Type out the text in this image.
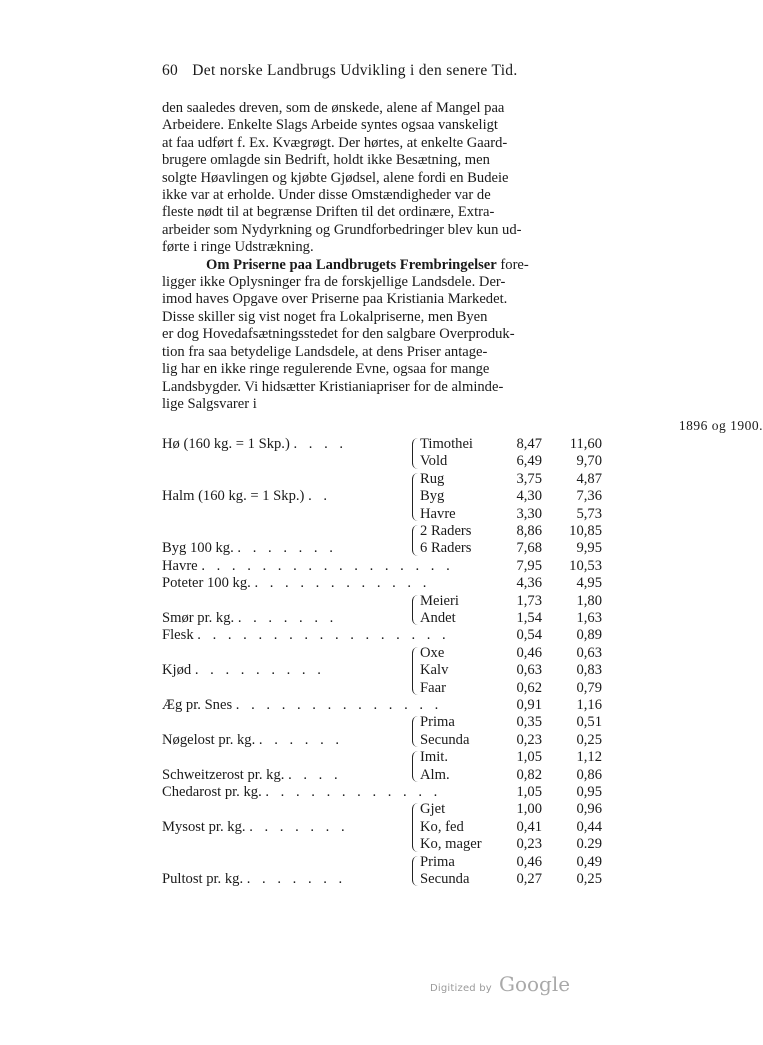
60 Det norske Landbrugs Udvikling i den senere Tid.
den saaledes dreven, som de ønskede, alene af Mangel paa
Arbeidere. Enkelte Slags Arbeide syntes ogsaa vanskeligt
at faa udført f. Ex. Kvægrøgt. Der hørtes, at enkelte Gaard-
brugere omlagde sin Bedrift, holdt ikke Besætning, men
solgte Høavlingen og kjøbte Gjødsel, alene fordi en Budeie
ikke var at erholde. Under disse Omstændigheder var de
fleste nødt til at begrænse Driften til det ordinære, Extra-
arbeider som Nydyrkning og Grundforbedringer blev kun ud-
førte i ringe Udstrækning.
Om Priserne paa Landbrugets Frembringelser fore-
ligger ikke Oplysninger fra de forskjellige Landsdele. Der-
imod haves Opgave over Priserne paa Kristiania Markedet.
Disse skiller sig vist noget fra Lokalpriserne, men Byen
er dog Hovedafsætningsstedet for den salgbare Overproduk-
tion fra saa betydelige Landsdele, at dens Priser antage-
lig har en ikke ringe regulerende Evne, ogsaa for mange
Landsbygder. Vi hidsætter Kristianiapriser for de alminde-
lige Salgsvarer i
1896 og 1900.
Hø (160 kg. = 1 Skp.) . . . .	Timothei	8,47	11,60
Vold	6,49	9,70
Rug	3,75	4,87
Halm (160 kg. = 1 Skp.) . .	Byg	4,30	7,36
Havre	3,30	5,73
2 Raders	8,86	10,85
Byg 100 kg. . . . . . . .	6 Raders	7,68	9,95
Havre . . . . . . . . . . . . . . . . .	7,95	10,53
Poteter 100 kg. . . . . . . . . . . . .	4,36	4,95
Meieri	1,73	1,80
Smør pr. kg. . . . . . . .	Andet	1,54	1,63
Flesk . . . . . . . . . . . . . . . . .	0,54	0,89
Oxe	0,46	0,63
Kjød . . . . . . . . .	Kalv	0,63	0,83
Faar	0,62	0,79
Æg pr. Snes . . . . . . . . . . . . . .	0,91	1,16
Prima	0,35	0,51
Nøgelost pr. kg. . . . . . .	Secunda	0,23	0,25
Imit.	1,05	1,12
Schweitzerost pr. kg. . . . .	Alm.	0,82	0,86
Chedarost pr. kg. . . . . . . . . . . . .	1,05	0,95
Gjet	1,00	0,96
Mysost pr. kg. . . . . . . .	Ko, fed	0,41	0,44
Ko, mager	0,23	0.29
Prima	0,46	0,49
Pultost pr. kg. . . . . . . .	Secunda	0,27	0,25
Digitized by Google
